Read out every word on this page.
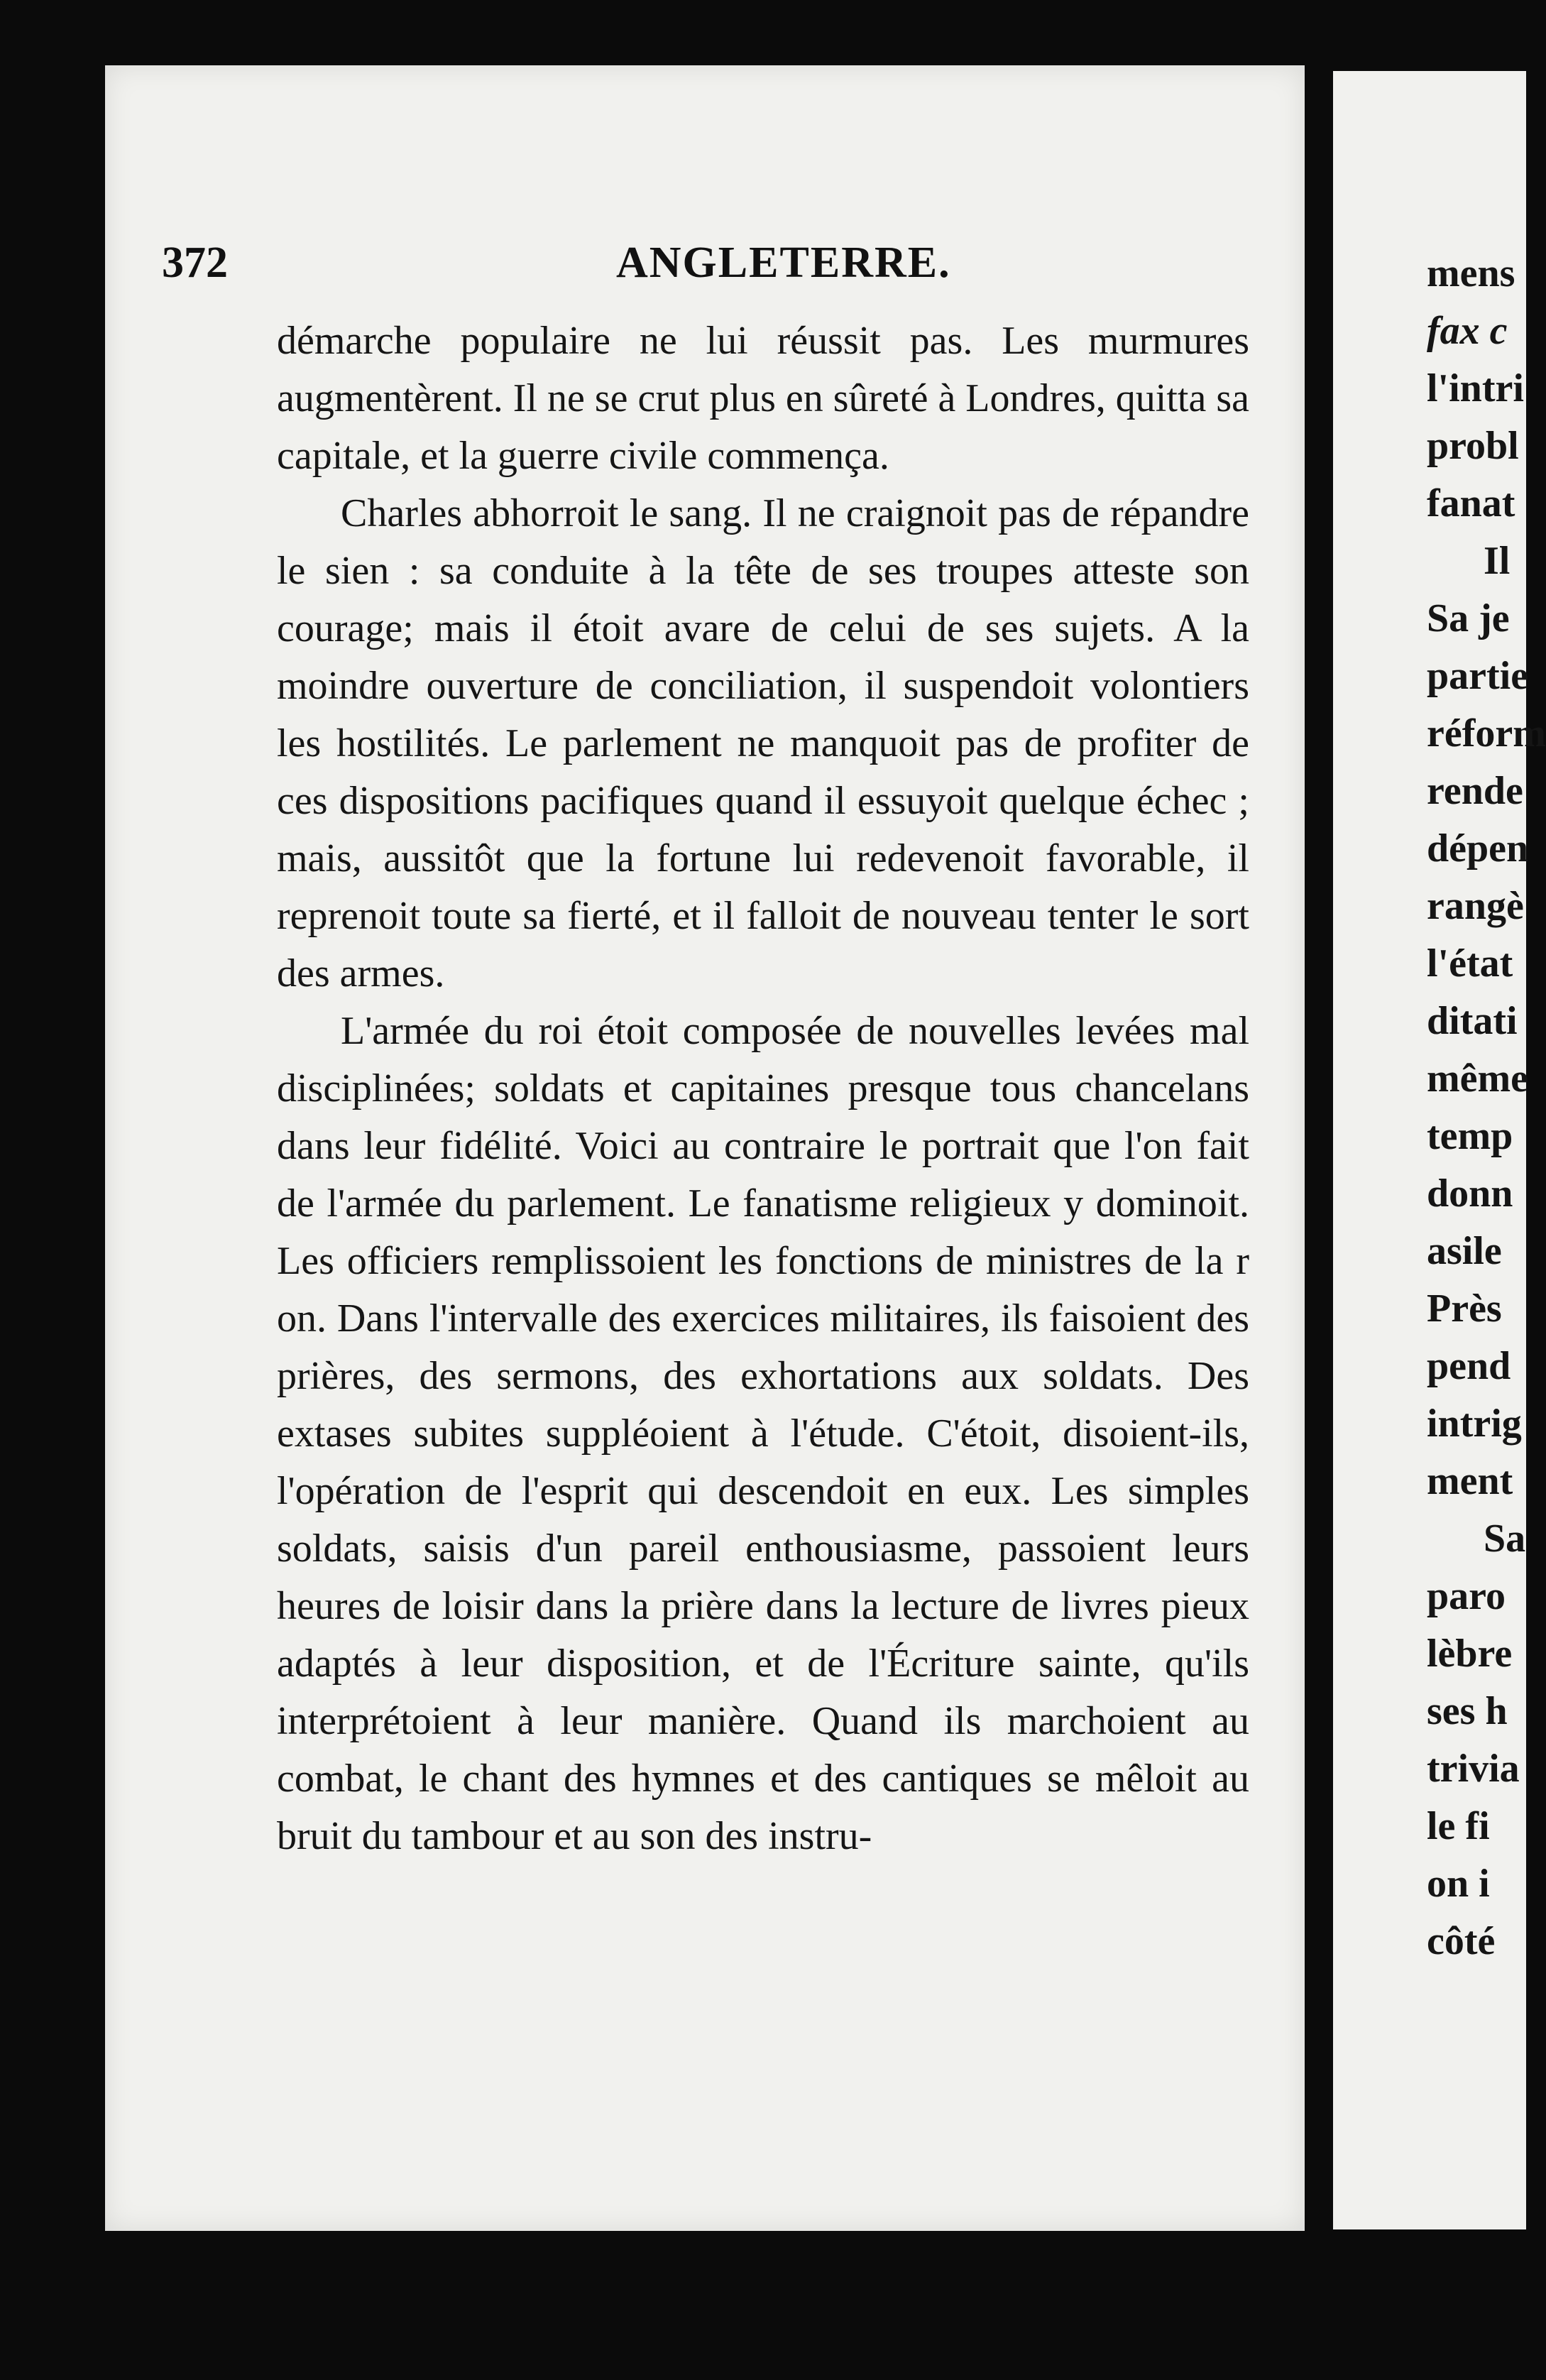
372	ANGLETERRE.

démarche populaire ne lui réussit pas. Les murmures augmentèrent. Il ne se crut plus en sûreté à Londres, quitta sa capitale, et la guerre civile commença.

Charles abhorroit le sang. Il ne craignoit pas de répandre le sien : sa conduite à la tête de ses troupes atteste son courage; mais il étoit avare de celui de ses sujets. A la moindre ouverture de conciliation, il suspendoit volontiers les hostilités. Le parlement ne manquoit pas de profiter de ces dispositions pacifiques quand il essuyoit quelque échec ; mais, aussitôt que la fortune lui redevenoit favorable, il reprenoit toute sa fierté, et il falloit de nouveau tenter le sort des armes.

L'armée du roi étoit composée de nouvelles levées mal disciplinées; soldats et capitaines presque tous chancelans dans leur fidélité. Voici au contraire le portrait que l'on fait de l'armée du parlement. Le fanatisme religieux y dominoit. Les officiers remplissoient les fonctions de ministres de la r on. Dans l'intervalle des exercices militaires, ils faisoient des prières, des sermons, des exhortations aux soldats. Des extases subites suppléoient à l'étude. C'étoit, disoient-ils, l'opération de l'esprit qui descendoit en eux. Les simples soldats, saisis d'un pareil enthousiasme, passoient leurs heures de loisir dans la prière dans la lecture de livres pieux adaptés à leur disposition, et de l'Écriture sainte, qu'ils interprétoient à leur manière. Quand ils marchoient au combat, le chant des hymnes et des cantiques se mêloit au bruit du tambour et au son des instru-

mens
fax c
l'intri
probl
fanat
Il
Sa je
partie
réform
rende
dépen
rangè
l'état
ditati
même
temp
donn
asile
Près
pend
intrig
ment
Sa
paro
lèbre
ses h
trivia
le fi
on i
côté
